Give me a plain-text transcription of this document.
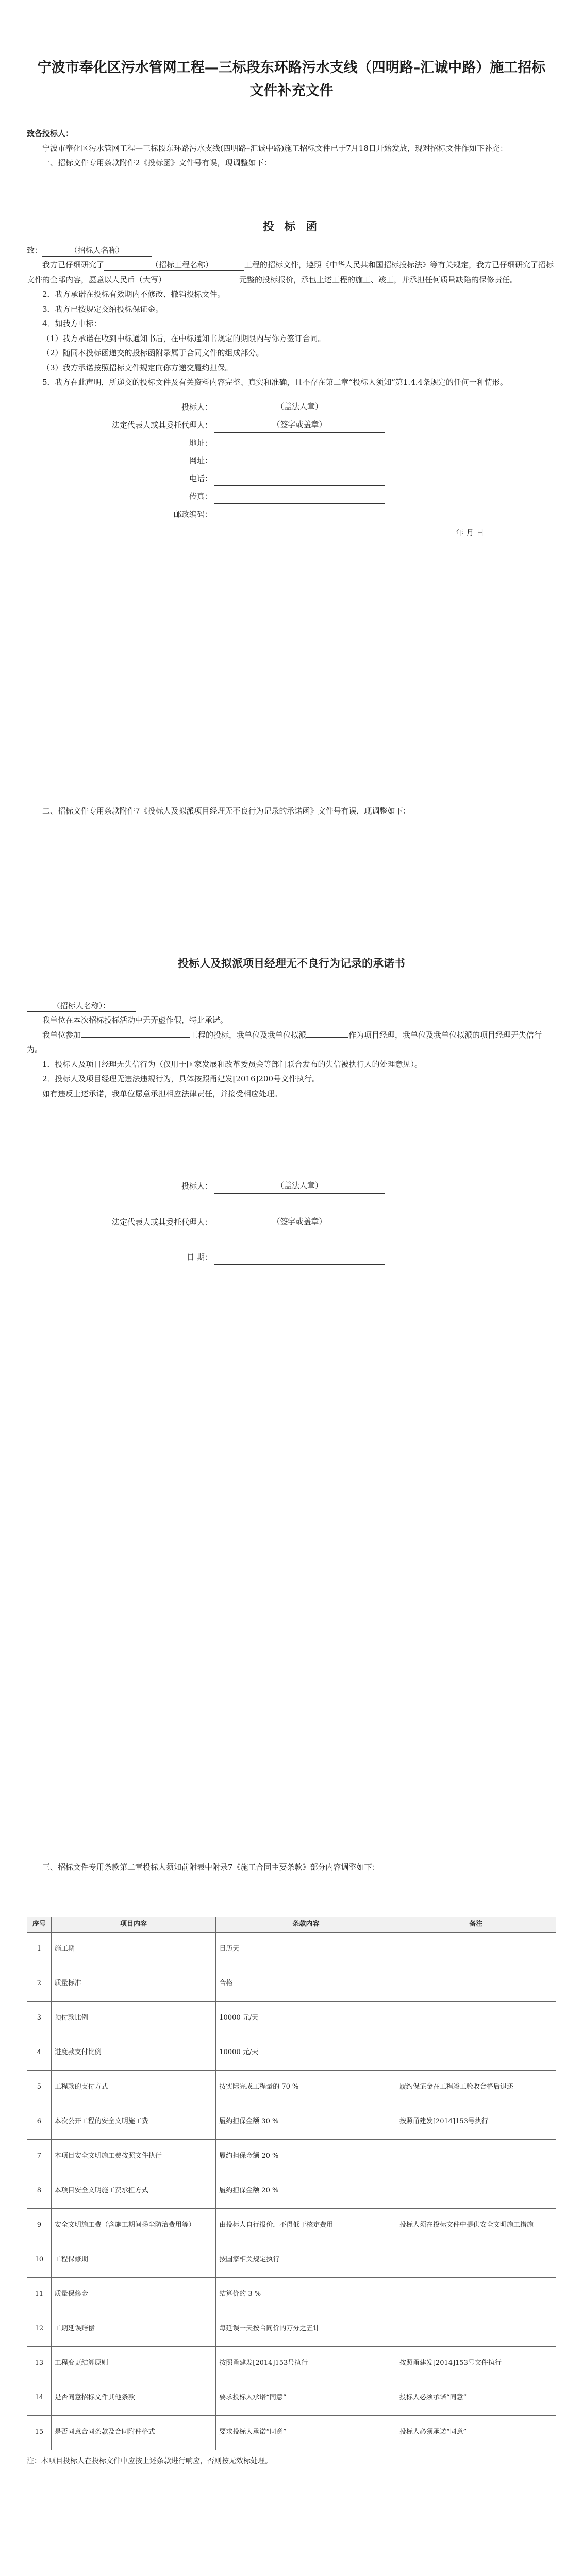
宁波市奉化区污水管网工程—三标段东环路污水支线（四明路–汇诚中路）施工招标文件补充文件

致各投标人：

宁波市奉化区污水管网工程—三标段东环路污水支线(四明路–汇诚中路)施工招标文件已于7月18日开始发放，现对招标文件作如下补充：

一、招标文件专用条款附件2《投标函》文件号有误，现调整如下：

投 标 函

致：	（招标人名称）

我方已仔细研究了	（招标工程名称）	工程的招标文件，遵照《中华人民共和国招标投标法》等有关规定，我方已仔细研究了招标文件的全部内容，愿意以人民币（大写）	元整的投标报价，承包上述工程的施工、竣工，并承担任何质量缺陷的保修责任。

2．我方承诺在投标有效期内不修改、撤销投标文件。

3．我方已按规定交纳投标保证金。

4．如我方中标：

（1）我方承诺在收到中标通知书后，在中标通知书规定的期限内与你方签订合同。

（2）随同本投标函递交的投标函附录属于合同文件的组成部分。

（3）我方承诺按照招标文件规定向你方递交履约担保。

5．我方在此声明，所递交的投标文件及有关资料内容完整、真实和准确，且不存在第二章“投标人须知”第1.4.4条规定的任何一种情形。

投标人：	（盖法人章）
法定代表人或其委托代理人：	（签字或盖章）
地址：
网址：
电话：
传真：
邮政编码：

年 月 日

二、招标文件专用条款附件7《投标人及拟派项目经理无不良行为记录的承诺函》文件号有误，现调整如下：

投标人及拟派项目经理无不良行为记录的承诺书

（招标人名称）：

我单位在本次招标投标活动中无弄虚作假，特此承诺。

我单位参加	工程的投标，我单位及我单位拟派	作为项目经理，我单位及我单位拟派的项目经理无失信行为。

1．投标人及项目经理无失信行为（仅用于国家发展和改革委员会等部门联合发布的失信被执行人的处理意见）。

2．投标人及项目经理无违法违规行为，具体按照甬建发[2016]200号文件执行。

如有违反上述承诺，我单位愿意承担相应法律责任，并接受相应处理。

投标人：	（盖法人章）
法定代表人或其委托代理人：	（签字或盖章）
日 期：

三、招标文件专用条款第二章投标人须知前附表中附录7《施工合同主要条款》部分内容调整如下：

序号	项目内容	条款内容	备注
1	施工期	日历天	
2	质量标准	合格	
3	预付款比例	10000 元/天	
4	进度款支付比例	10000 元/天	
5	工程款的支付方式	按实际完成工程量的 70 %	履约保证金在工程竣工验收合格后退还
6	本次公开工程的安全文明施工费	履约担保金额 30 %	按照甬建发[2014]153号执行
7	本项目安全文明施工费按照文件执行	履约担保金额 20 %	
8	本项目安全文明施工费承担方式	履约担保金额 20 %	
9	安全文明施工费（含施工期间扬尘防治费用等）	由投标人自行报价，不得低于核定费用	投标人须在投标文件中提供安全文明施工措施
10	工程保修期	按国家相关规定执行	
11	质量保修金	结算价的 3 %	
12	工期延误赔偿	每延误一天按合同价的万分之五计	
13	工程变更结算原则	按照甬建发[2014]153号执行	按照甬建发[2014]153号文件执行
14	是否同意招标文件其他条款	要求投标人承诺“同意”	投标人必须承诺“同意”
15	是否同意合同条款及合同附件格式	要求投标人承诺“同意”	投标人必须承诺“同意”

注：本项目投标人在投标文件中应按上述条款进行响应，否则按无效标处理。
